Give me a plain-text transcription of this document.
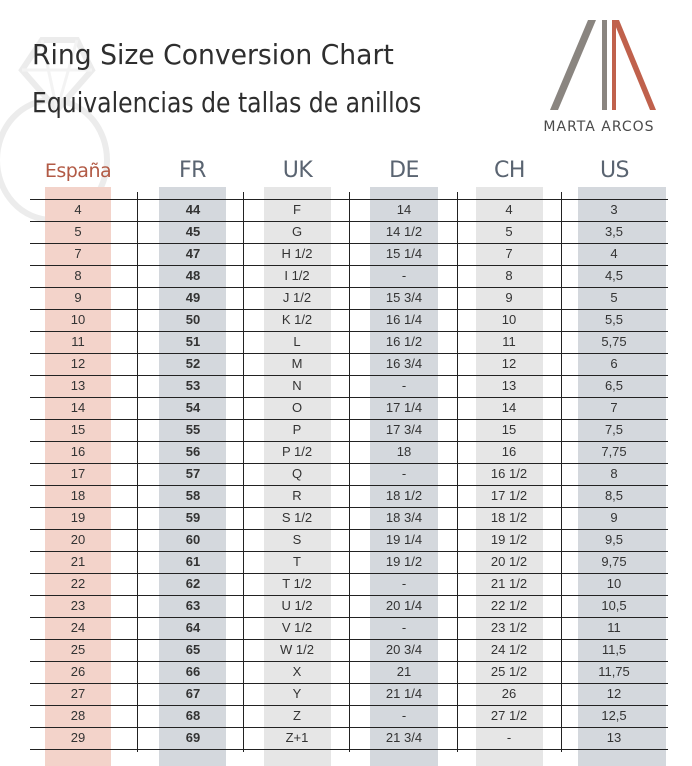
Ring Size Conversion Chart
Equivalencias de tallas de anillos
MARTA ARCOS
España	FR	UK	DE	CH	US
4	44	F	14	4	3
5	45	G	14 1/2	5	3,5
7	47	H 1/2	15 1/4	7	4
8	48	I 1/2	-	8	4,5
9	49	J 1/2	15 3/4	9	5
10	50	K 1/2	16 1/4	10	5,5
11	51	L	16 1/2	11	5,75
12	52	M	16 3/4	12	6
13	53	N	-	13	6,5
14	54	O	17 1/4	14	7
15	55	P	17 3/4	15	7,5
16	56	P 1/2	18	16	7,75
17	57	Q	-	16 1/2	8
18	58	R	18 1/2	17 1/2	8,5
19	59	S 1/2	18 3/4	18 1/2	9
20	60	S	19 1/4	19 1/2	9,5
21	61	T	19 1/2	20 1/2	9,75
22	62	T 1/2	-	21 1/2	10
23	63	U 1/2	20 1/4	22 1/2	10,5
24	64	V 1/2	-	23 1/2	11
25	65	W 1/2	20 3/4	24 1/2	11,5
26	66	X	21	25 1/2	11,75
27	67	Y	21 1/4	26	12
28	68	Z	-	27 1/2	12,5
29	69	Z+1	21 3/4	-	13
